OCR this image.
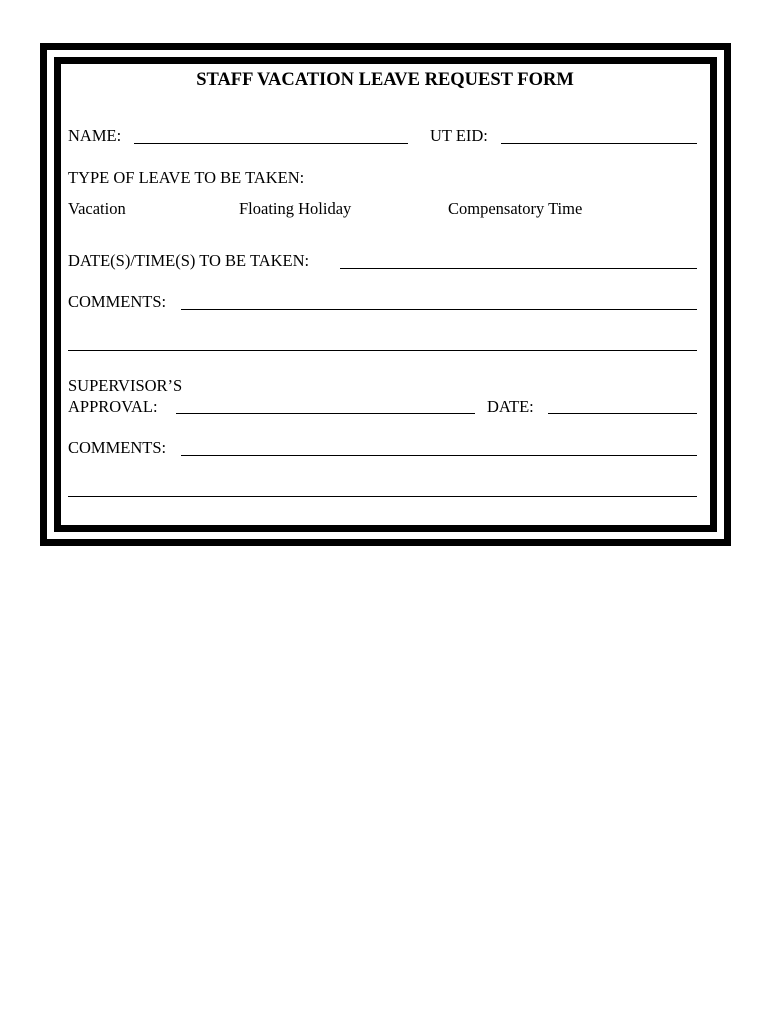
STAFF VACATION LEAVE REQUEST FORM
NAME:	UT EID:
TYPE OF LEAVE TO BE TAKEN:
Vacation	Floating Holiday	Compensatory Time
DATE(S)/TIME(S) TO BE TAKEN:
COMMENTS:
SUPERVISOR’S
APPROVAL:	DATE:
COMMENTS:
